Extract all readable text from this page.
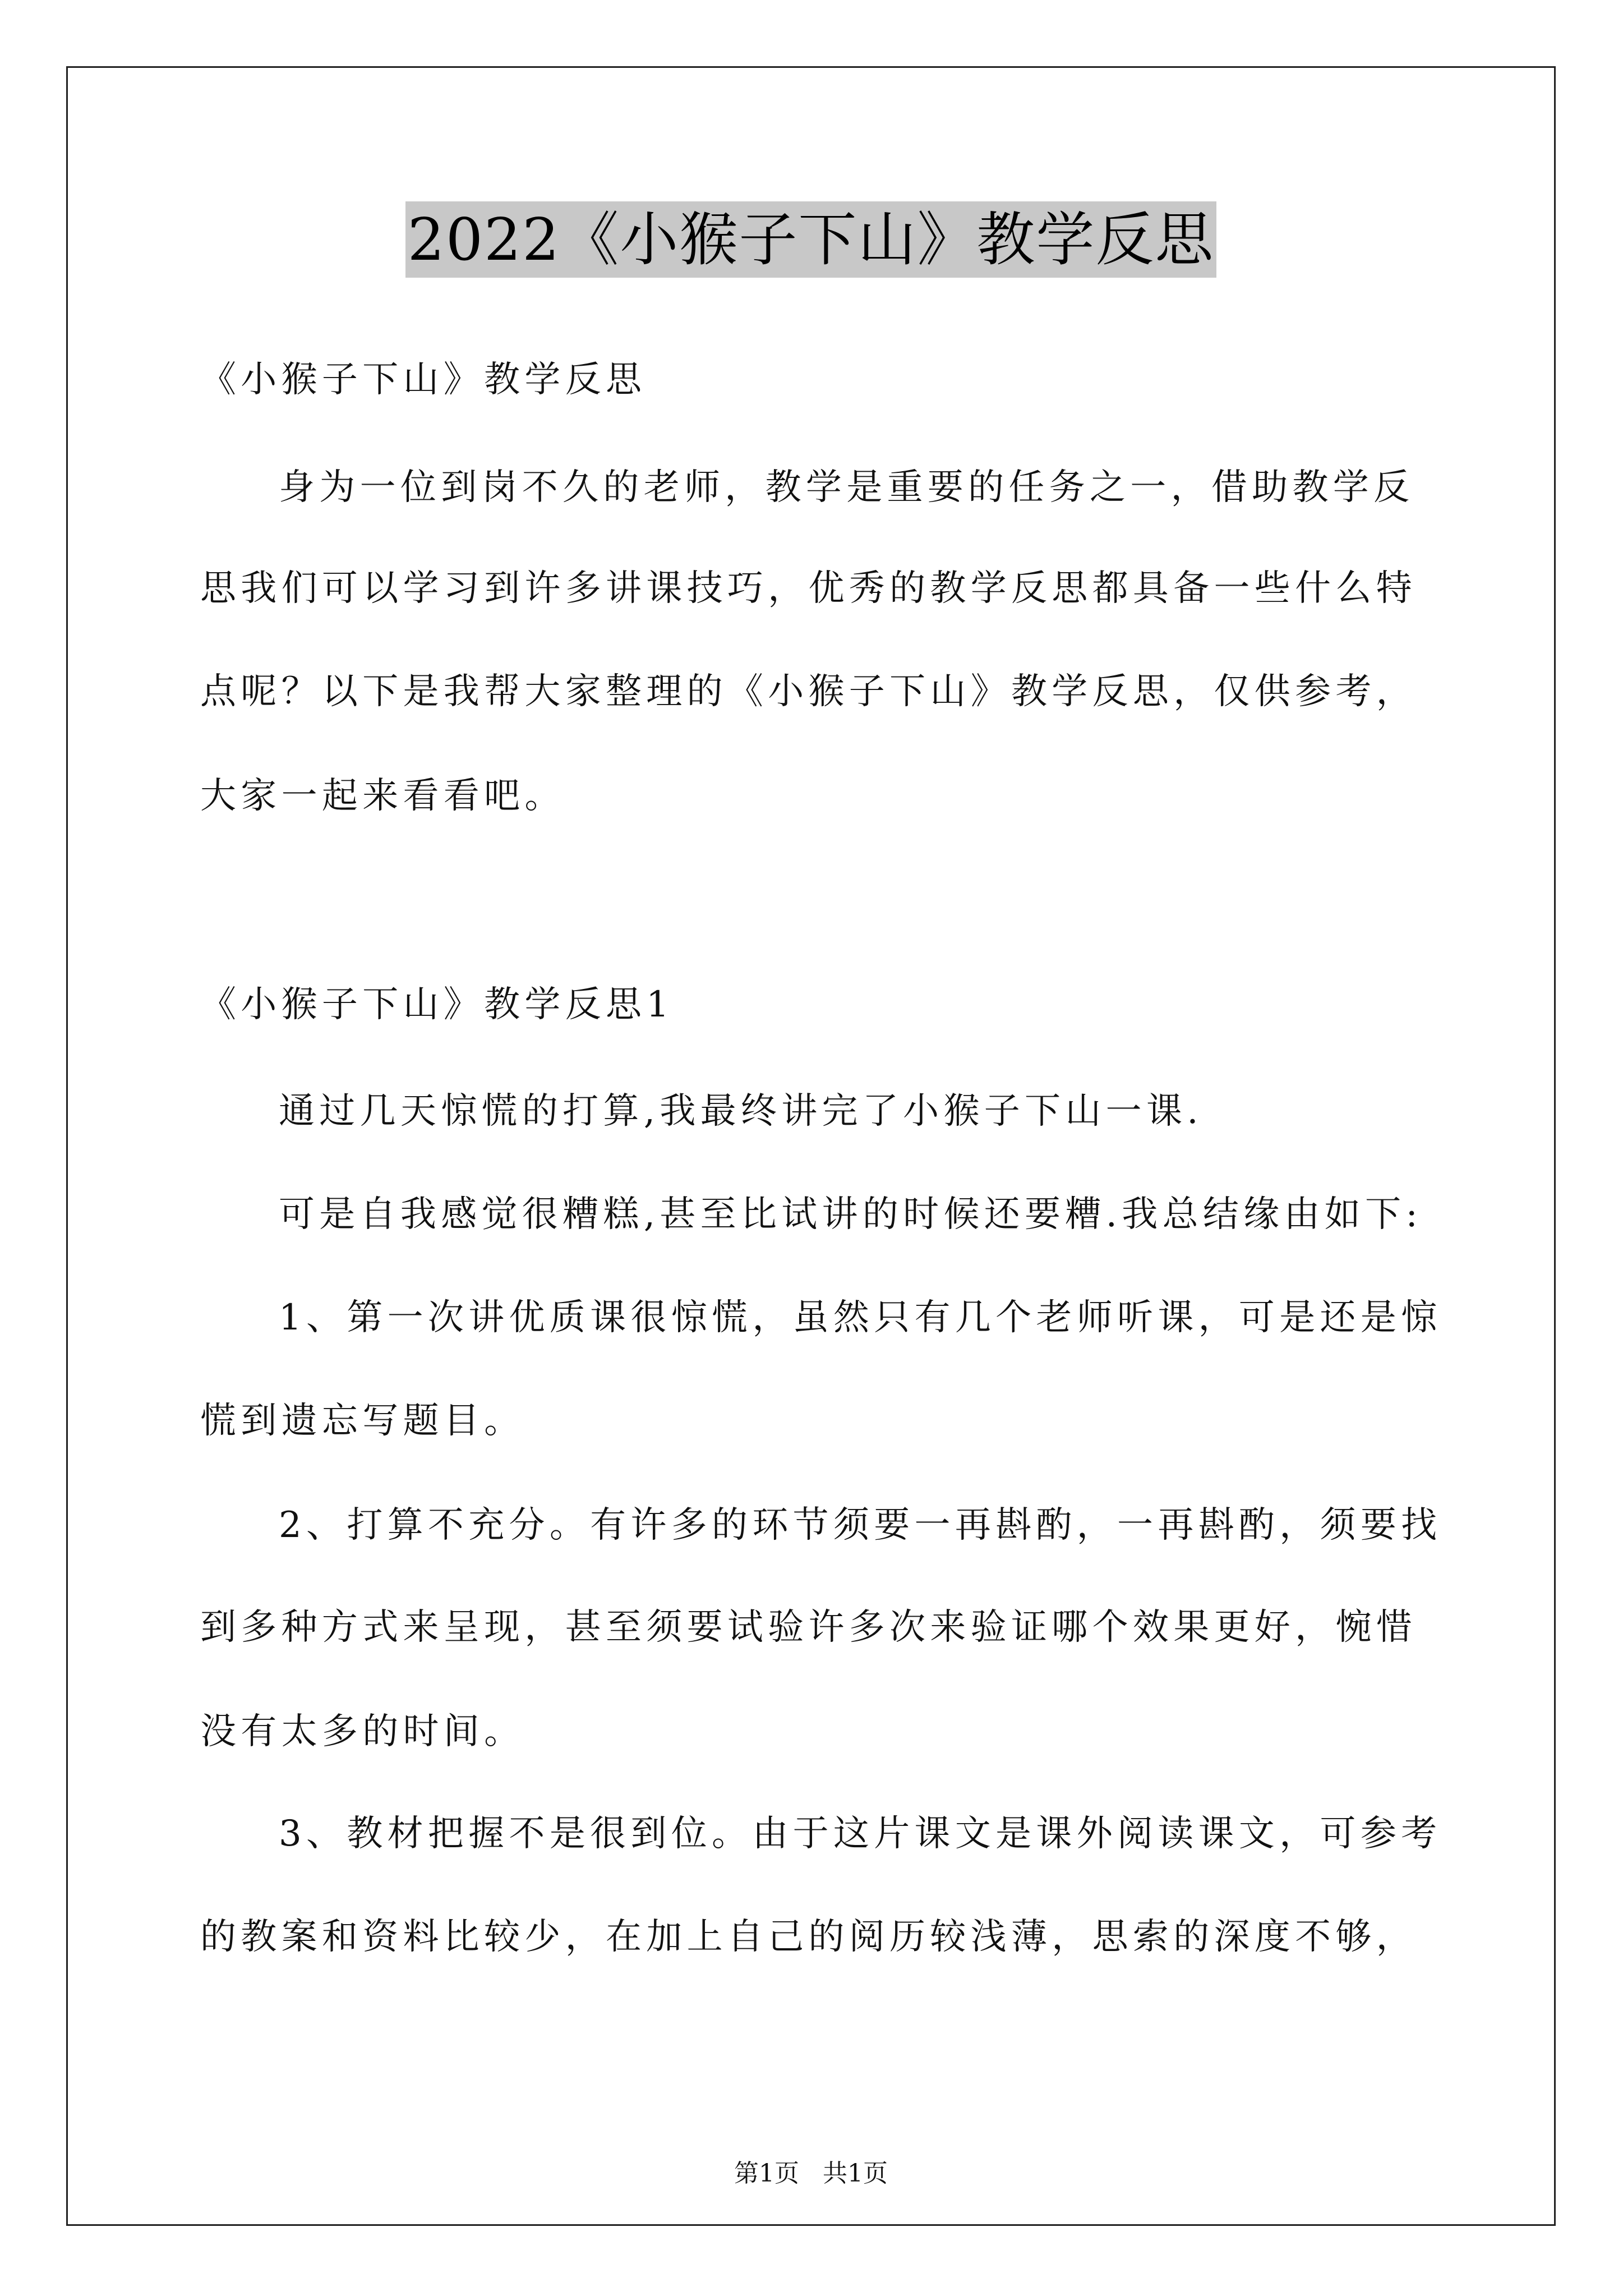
2022《小猴子下山》教学反思

《小猴子下山》教学反思

身为一位到岗不久的老师，教学是重要的任务之一，借助教学反

思我们可以学习到许多讲课技巧，优秀的教学反思都具备一些什么特

点呢？以下是我帮大家整理的《小猴子下山》教学反思，仅供参考，

大家一起来看看吧。

《小猴子下山》教学反思1

通过几天惊慌的打算,我最终讲完了小猴子下山一课.

可是自我感觉很糟糕,甚至比试讲的时候还要糟.我总结缘由如下:

1、第一次讲优质课很惊慌，虽然只有几个老师听课，可是还是惊

慌到遗忘写题目。

2、打算不充分。有许多的环节须要一再斟酌，一再斟酌，须要找

到多种方式来呈现，甚至须要试验许多次来验证哪个效果更好，惋惜

没有太多的时间。

3、教材把握不是很到位。由于这片课文是课外阅读课文，可参考

的教案和资料比较少，在加上自己的阅历较浅薄，思索的深度不够，

第1页   共1页
